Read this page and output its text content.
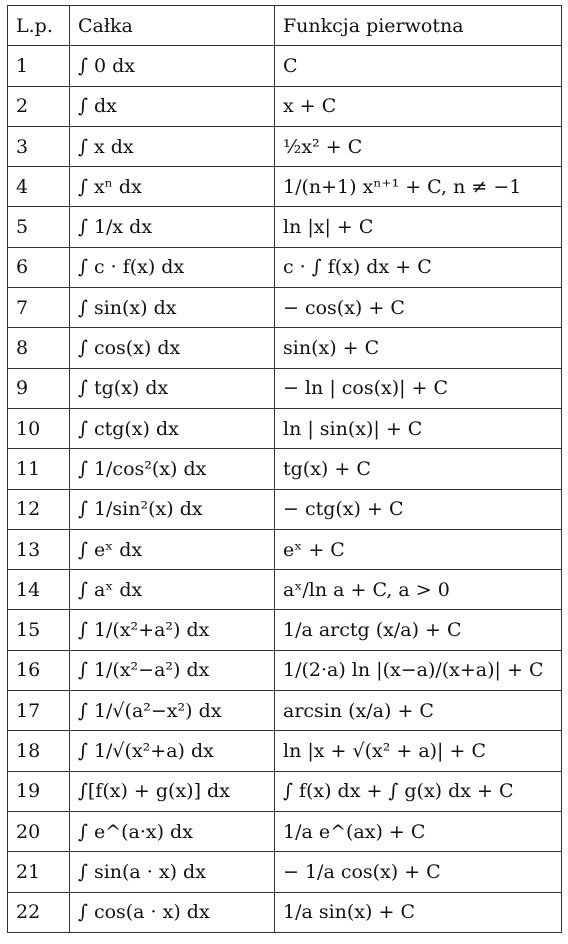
L.p.	Całka	Funkcja pierwotna
1	∫ 0 dx	C
2	∫ dx	x + C
3	∫ x dx	½x² + C
4	∫ xⁿ dx	1/(n+1) xⁿ⁺¹ + C, n ≠ −1
5	∫ 1/x dx	ln |x| + C
6	∫ c · f(x) dx	c · ∫ f(x) dx + C
7	∫ sin(x) dx	− cos(x) + C
8	∫ cos(x) dx	sin(x) + C
9	∫ tg(x) dx	− ln | cos(x)| + C
10	∫ ctg(x) dx	ln | sin(x)| + C
11	∫ 1/cos²(x) dx	tg(x) + C
12	∫ 1/sin²(x) dx	− ctg(x) + C
13	∫ eˣ dx	eˣ + C
14	∫ aˣ dx	aˣ/ln a + C, a > 0
15	∫ 1/(x²+a²) dx	1/a arctg (x/a) + C
16	∫ 1/(x²−a²) dx	1/(2·a) ln |(x−a)/(x+a)| + C
17	∫ 1/√(a²−x²) dx	arcsin (x/a) + C
18	∫ 1/√(x²+a) dx	ln |x + √(x² + a)| + C
19	∫[f(x) + g(x)] dx	∫ f(x) dx + ∫ g(x) dx + C
20	∫ e^(a·x) dx	1/a e^(ax) + C
21	∫ sin(a · x) dx	− 1/a cos(x) + C
22	∫ cos(a · x) dx	1/a sin(x) + C
